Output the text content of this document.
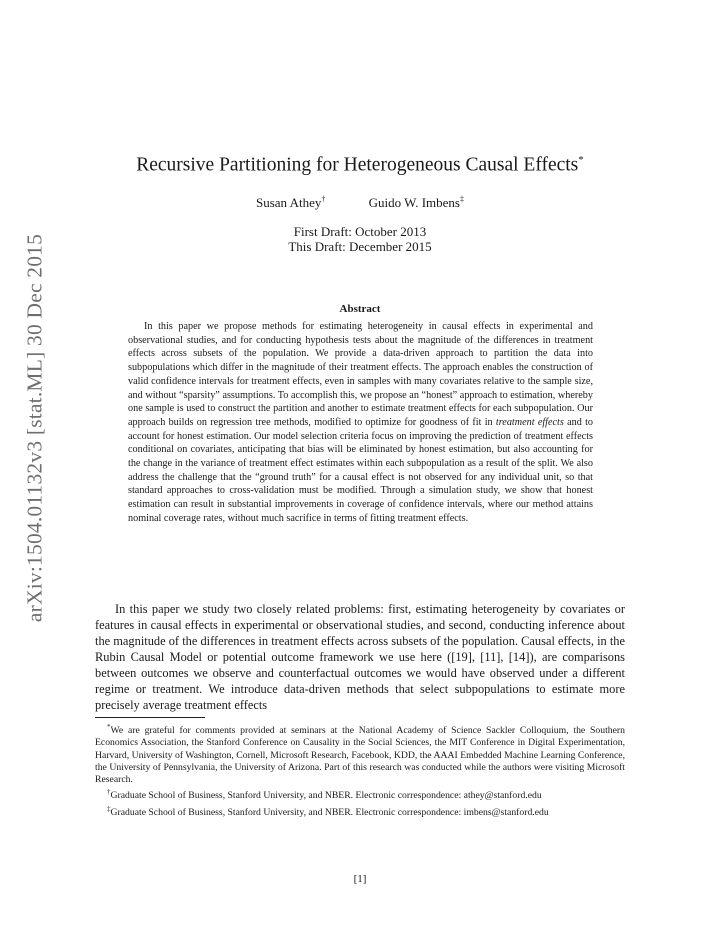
arXiv:1504.01132v3 [stat.ML] 30 Dec 2015
Recursive Partitioning for Heterogeneous Causal Effects*
Susan Athey†	Guido W. Imbens‡
First Draft: October 2013
This Draft: December 2015
Abstract

In this paper we propose methods for estimating heterogeneity in causal effects in experimental and observational studies, and for conducting hypothesis tests about the magnitude of the differences in treatment effects across subsets of the population. We provide a data-driven approach to partition the data into subpopulations which differ in the magnitude of their treatment effects. The approach enables the construction of valid confidence intervals for treatment effects, even in samples with many covariates relative to the sample size, and without “sparsity” assumptions. To accomplish this, we propose an “honest” approach to estimation, whereby one sample is used to construct the partition and another to estimate treatment effects for each subpopulation. Our approach builds on regression tree methods, modified to optimize for goodness of fit in treatment effects and to account for honest estimation. Our model selection criteria focus on improving the prediction of treatment effects conditional on covariates, anticipating that bias will be eliminated by honest estimation, but also accounting for the change in the variance of treatment effect estimates within each subpopulation as a result of the split. We also address the challenge that the “ground truth” for a causal effect is not observed for any individual unit, so that standard approaches to cross-validation must be modified. Through a simulation study, we show that honest estimation can result in substantial improvements in coverage of confidence intervals, where our method attains nominal coverage rates, without much sacrifice in terms of fitting treatment effects.

In this paper we study two closely related problems: first, estimating heterogeneity by covariates or features in causal effects in experimental or observational studies, and second, conducting inference about the magnitude of the differences in treatment effects across subsets of the population. Causal effects, in the Rubin Causal Model or potential outcome framework we use here ([19], [11], [14]), are comparisons between outcomes we observe and counterfactual outcomes we would have observed under a different regime or treatment. We introduce data-driven methods that select subpopulations to estimate more precisely average treatment effects

*We are grateful for comments provided at seminars at the National Academy of Science Sackler Colloquium, the Southern Economics Association, the Stanford Conference on Causality in the Social Sciences, the MIT Conference in Digital Experimentation, Harvard, University of Washington, Cornell, Microsoft Research, Facebook, KDD, the AAAI Embedded Machine Learning Conference, the University of Pennsylvania, the University of Arizona. Part of this research was conducted while the authors were visiting Microsoft Research.

†Graduate School of Business, Stanford University, and NBER. Electronic correspondence: athey@stanford.edu

‡Graduate School of Business, Stanford University, and NBER. Electronic correspondence: imbens@stanford.edu

[1]
